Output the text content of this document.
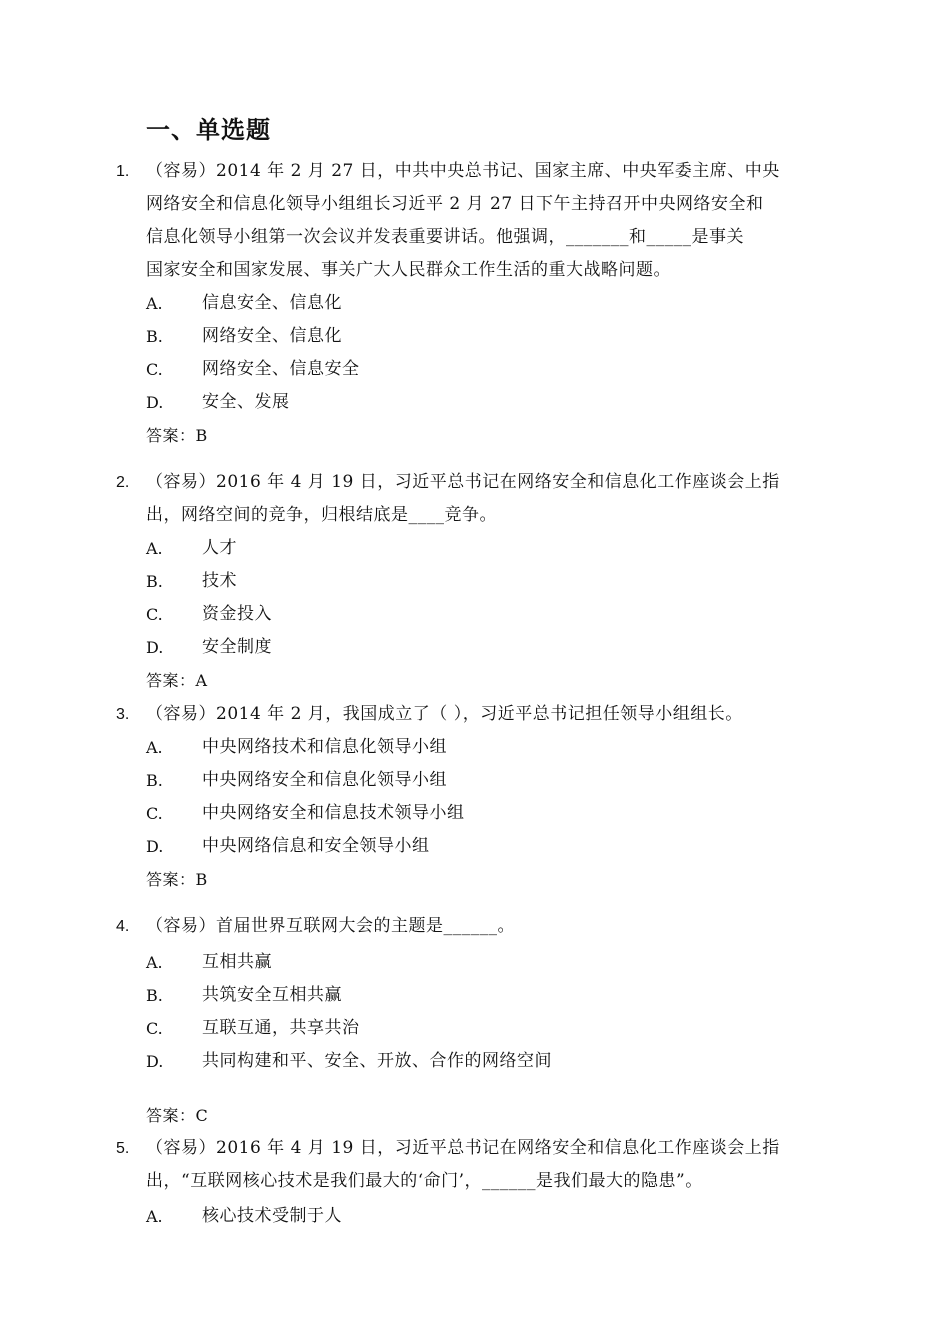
一、单选题
1. （容易）2014 年 2 月 27 日，中共中央总书记、国家主席、中央军委主席、中央
网络安全和信息化领导小组组长习近平 2 月 27 日下午主持召开中央网络安全和
信息化领导小组第一次会议并发表重要讲话。他强调，_______和_____是事关
国家安全和国家发展、事关广大人民群众工作生活的重大战略问题。
A. 信息安全、信息化
B. 网络安全、信息化
C. 网络安全、信息安全
D. 安全、发展
答案：B
2. （容易）2016 年 4 月 19 日，习近平总书记在网络安全和信息化工作座谈会上指
出，网络空间的竞争，归根结底是____竞争。
A. 人才
B. 技术
C. 资金投入
D. 安全制度
答案：A
3. （容易）2014 年 2 月，我国成立了（ ），习近平总书记担任领导小组组长。
A. 中央网络技术和信息化领导小组
B. 中央网络安全和信息化领导小组
C. 中央网络安全和信息技术领导小组
D. 中央网络信息和安全领导小组
答案：B
4. （容易）首届世界互联网大会的主题是______。
A. 互相共赢
B. 共筑安全互相共赢
C. 互联互通，共享共治
D. 共同构建和平、安全、开放、合作的网络空间
答案：C
5. （容易）2016 年 4 月 19 日，习近平总书记在网络安全和信息化工作座谈会上指
出，“互联网核心技术是我们最大的‘命门’，______是我们最大的隐患”。
A. 核心技术受制于人
